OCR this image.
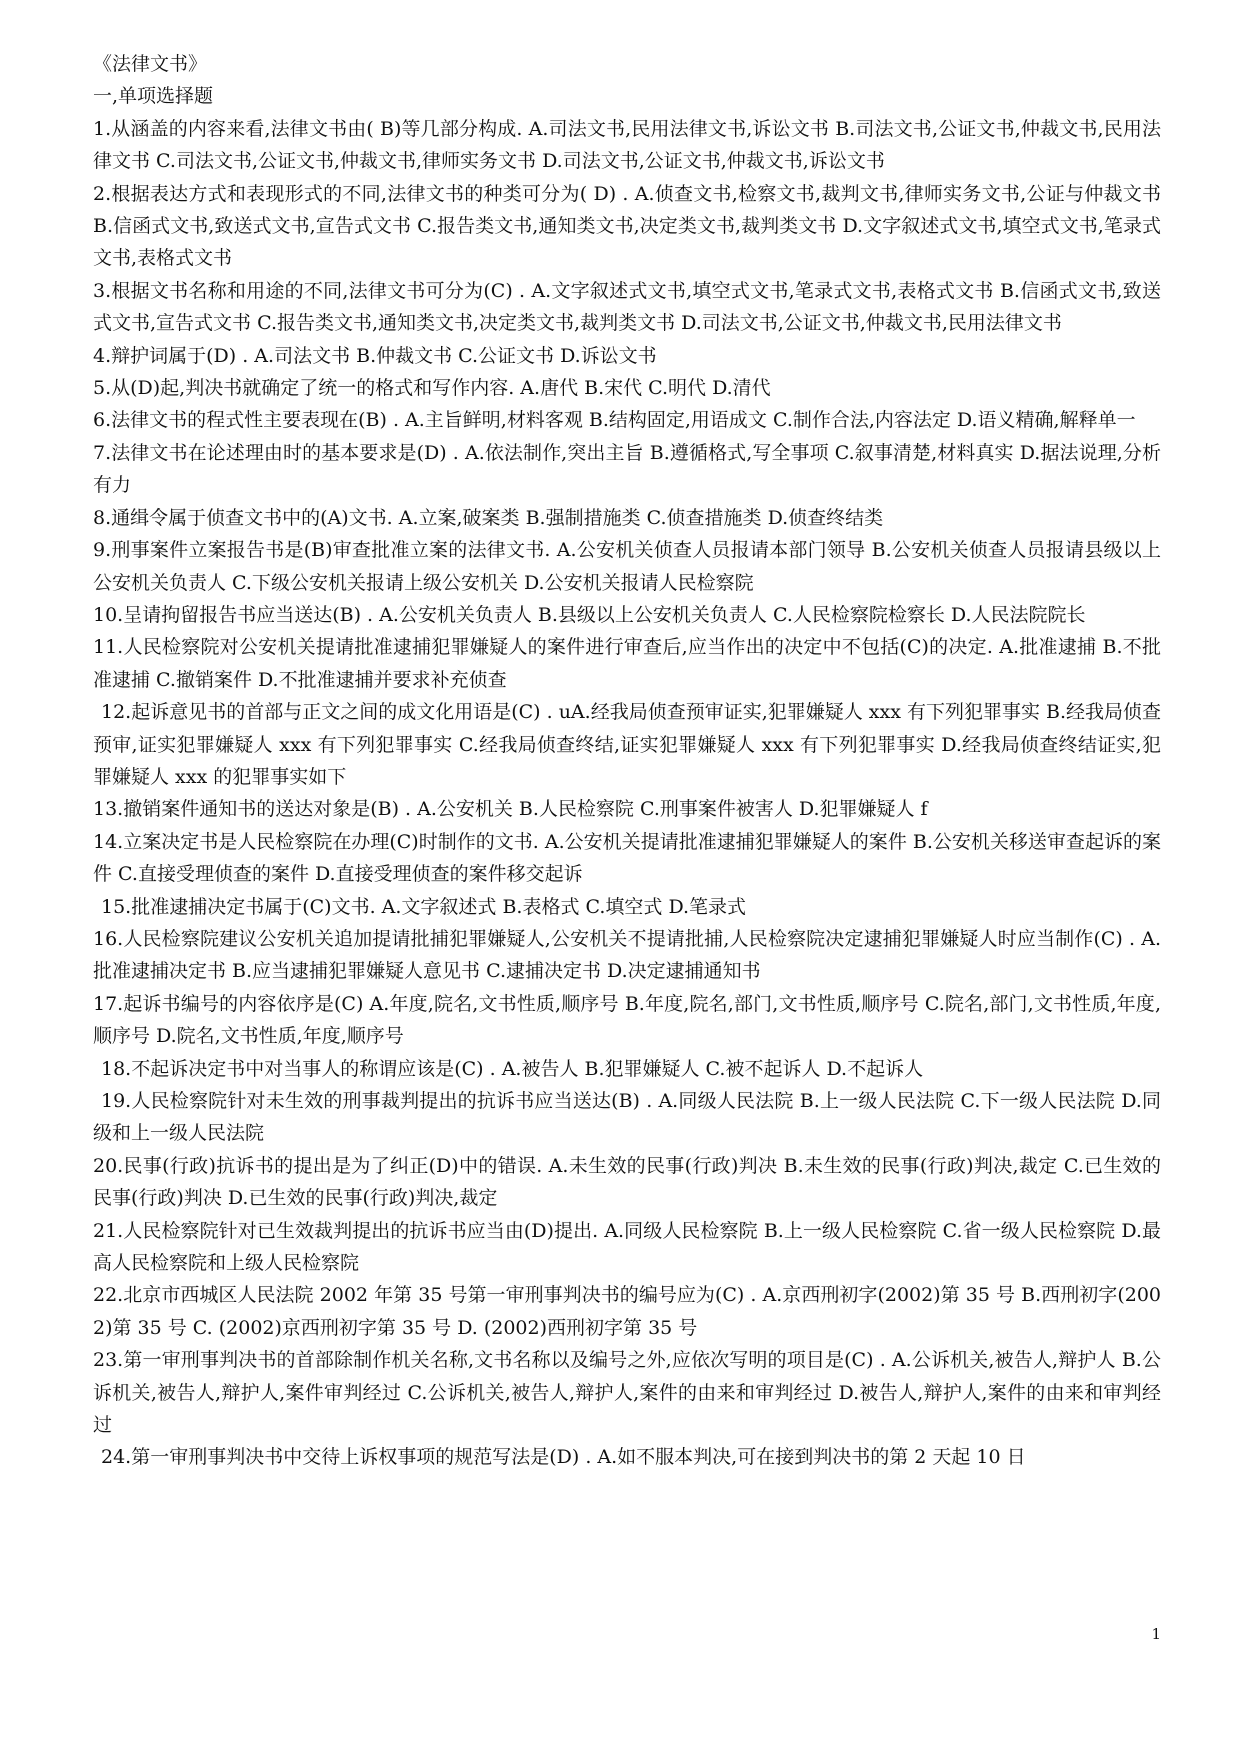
《法律文书》

一,单项选择题

1.从涵盖的内容来看,法律文书由( B)等几部分构成. A.司法文书,民用法律文书,诉讼文书 B.司法文书,公证文书,仲裁文书,民用法律文书 C.司法文书,公证文书,仲裁文书,律师实务文书 D.司法文书,公证文书,仲裁文书,诉讼文书

2.根据表达方式和表现形式的不同,法律文书的种类可分为( D) . A.侦查文书,检察文书,裁判文书,律师实务文书,公证与仲裁文书 B.信函式文书,致送式文书,宣告式文书 C.报告类文书,通知类文书,决定类文书,裁判类文书 D.文字叙述式文书,填空式文书,笔录式文书,表格式文书

3.根据文书名称和用途的不同,法律文书可分为(C) . A.文字叙述式文书,填空式文书,笔录式文书,表格式文书 B.信函式文书,致送式文书,宣告式文书 C.报告类文书,通知类文书,决定类文书,裁判类文书 D.司法文书,公证文书,仲裁文书,民用法律文书

4.辩护词属于(D) . A.司法文书 B.仲裁文书 C.公证文书 D.诉讼文书

5.从(D)起,判决书就确定了统一的格式和写作内容. A.唐代 B.宋代 C.明代 D.清代

6.法律文书的程式性主要表现在(B) . A.主旨鲜明,材料客观 B.结构固定,用语成文 C.制作合法,内容法定 D.语义精确,解释单一

7.法律文书在论述理由时的基本要求是(D) . A.依法制作,突出主旨 B.遵循格式,写全事项 C.叙事清楚,材料真实 D.据法说理,分析有力

8.通缉令属于侦查文书中的(A)文书. A.立案,破案类 B.强制措施类 C.侦查措施类 D.侦查终结类

9.刑事案件立案报告书是(B)审查批准立案的法律文书. A.公安机关侦查人员报请本部门领导 B.公安机关侦查人员报请县级以上公安机关负责人 C.下级公安机关报请上级公安机关 D.公安机关报请人民检察院

10.呈请拘留报告书应当送达(B) . A.公安机关负责人 B.县级以上公安机关负责人 C.人民检察院检察长 D.人民法院院长

11.人民检察院对公安机关提请批准逮捕犯罪嫌疑人的案件进行审查后,应当作出的决定中不包括(C)的决定. A.批准逮捕 B.不批准逮捕 C.撤销案件 D.不批准逮捕并要求补充侦查

12.起诉意见书的首部与正文之间的成文化用语是(C) . uA.经我局侦查预审证实,犯罪嫌疑人 xxx 有下列犯罪事实 B.经我局侦查预审,证实犯罪嫌疑人 xxx 有下列犯罪事实 C.经我局侦查终结,证实犯罪嫌疑人 xxx 有下列犯罪事实 D.经我局侦查终结证实,犯罪嫌疑人 xxx 的犯罪事实如下

13.撤销案件通知书的送达对象是(B) . A.公安机关 B.人民检察院 C.刑事案件被害人 D.犯罪嫌疑人 f

14.立案决定书是人民检察院在办理(C)时制作的文书. A.公安机关提请批准逮捕犯罪嫌疑人的案件 B.公安机关移送审查起诉的案件 C.直接受理侦查的案件 D.直接受理侦查的案件移交起诉

15.批准逮捕决定书属于(C)文书. A.文字叙述式 B.表格式 C.填空式 D.笔录式

16.人民检察院建议公安机关追加提请批捕犯罪嫌疑人,公安机关不提请批捕,人民检察院决定逮捕犯罪嫌疑人时应当制作(C) . A.批准逮捕决定书 B.应当逮捕犯罪嫌疑人意见书 C.逮捕决定书 D.决定逮捕通知书

17.起诉书编号的内容依序是(C) A.年度,院名,文书性质,顺序号 B.年度,院名,部门,文书性质,顺序号 C.院名,部门,文书性质,年度,顺序号 D.院名,文书性质,年度,顺序号

18.不起诉决定书中对当事人的称谓应该是(C) . A.被告人 B.犯罪嫌疑人 C.被不起诉人 D.不起诉人

19.人民检察院针对未生效的刑事裁判提出的抗诉书应当送达(B) . A.同级人民法院 B.上一级人民法院 C.下一级人民法院 D.同级和上一级人民法院

20.民事(行政)抗诉书的提出是为了纠正(D)中的错误. A.未生效的民事(行政)判决 B.未生效的民事(行政)判决,裁定 C.已生效的民事(行政)判决 D.已生效的民事(行政)判决,裁定

21.人民检察院针对已生效裁判提出的抗诉书应当由(D)提出. A.同级人民检察院 B.上一级人民检察院 C.省一级人民检察院 D.最高人民检察院和上级人民检察院

22.北京市西城区人民法院 2002 年第 35 号第一审刑事判决书的编号应为(C) . A.京西刑初字(2002)第 35 号 B.西刑初字(2002)第 35 号 C. (2002)京西刑初字第 35 号 D. (2002)西刑初字第 35 号

23.第一审刑事判决书的首部除制作机关名称,文书名称以及编号之外,应依次写明的项目是(C) . A.公诉机关,被告人,辩护人 B.公诉机关,被告人,辩护人,案件审判经过 C.公诉机关,被告人,辩护人,案件的由来和审判经过 D.被告人,辩护人,案件的由来和审判经过

24.第一审刑事判决书中交待上诉权事项的规范写法是(D) . A.如不服本判决,可在接到判决书的第 2 天起 10 日

1
